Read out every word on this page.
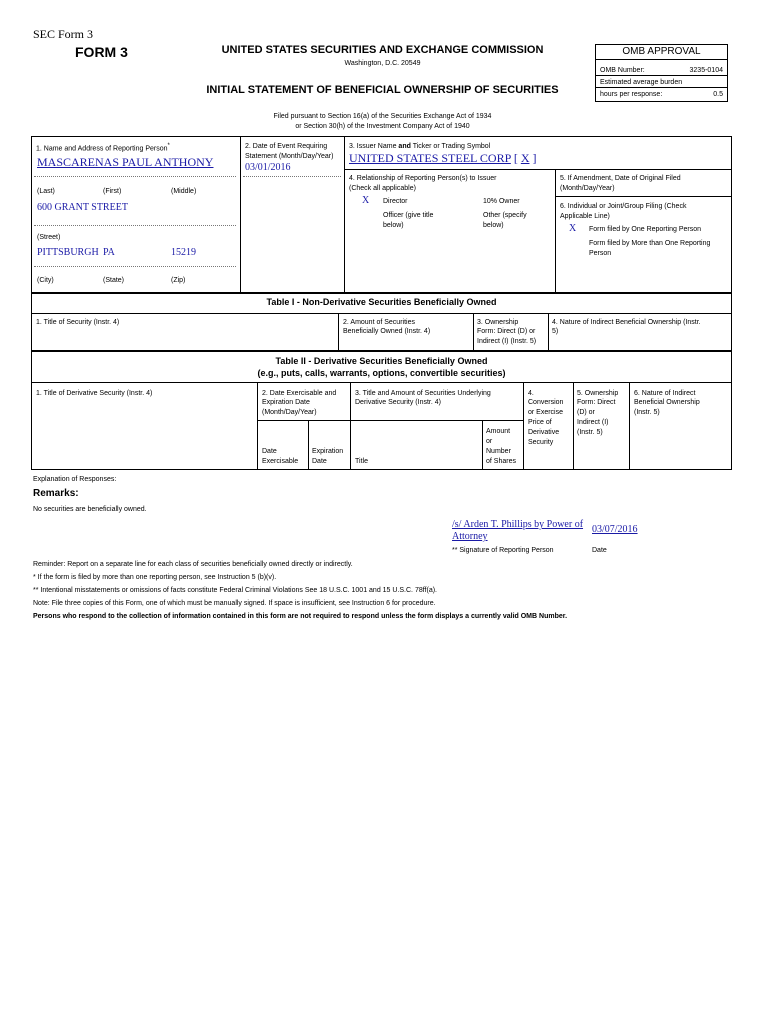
SEC Form 3
FORM 3	UNITED STATES SECURITIES AND EXCHANGE COMMISSION
Washington, D.C. 20549
INITIAL STATEMENT OF BENEFICIAL OWNERSHIP OF SECURITIES
OMB APPROVAL
OMB Number:	3235-0104
Estimated average burden
hours per response:	0.5
Filed pursuant to Section 16(a) of the Securities Exchange Act of 1934
or Section 30(h) of the Investment Company Act of 1940
1. Name and Address of Reporting Person*
MASCARENAS PAUL ANTHONY
(Last)	(First)	(Middle)
600 GRANT STREET
(Street)
PITTSBURGH PA	15219
(City)	(State)	(Zip)
2. Date of Event Requiring
Statement (Month/Day/Year)
03/01/2016
3. Issuer Name and Ticker or Trading Symbol
UNITED STATES STEEL CORP [ X ]
4. Relationship of Reporting Person(s) to Issuer
(Check all applicable)
X Director	10% Owner
Officer (give title
below)
Other (specify
below)
5. If Amendment, Date of Original Filed
(Month/Day/Year)
6. Individual or Joint/Group Filing (Check
Applicable Line)
X Form filed by One Reporting Person
Form filed by More than One Reporting
Person
Table I - Non-Derivative Securities Beneficially Owned
1. Title of Security (Instr. 4)	2. Amount of Securities
Beneficially Owned (Instr. 4)
3. Ownership
Form: Direct (D) or
Indirect (I) (Instr. 5)
4. Nature of Indirect Beneficial Ownership (Instr.
5)
Table II - Derivative Securities Beneficially Owned
(e.g., puts, calls, warrants, options, convertible securities)
1. Title of Derivative Security (Instr. 4)	2. Date Exercisable and
Expiration Date
(Month/Day/Year)
3. Title and Amount of Securities Underlying
Derivative Security (Instr. 4)
4.
Conversion
or Exercise
Price of
Derivative
Security
5. Ownership
Form: Direct
(D) or
Indirect (I)
(Instr. 5)
6. Nature of Indirect
Beneficial Ownership
(Instr. 5)
Date
Exercisable
Expiration
Date	Title
Amount
or
Number
of Shares
Explanation of Responses:
Remarks:
No securities are beneficially owned.
/s/ Arden T. Phillips by Power of
Attorney
03/07/2016
** Signature of Reporting Person	Date
Reminder: Report on a separate line for each class of securities beneficially owned directly or indirectly.
* If the form is filed by more than one reporting person, see Instruction 5 (b)(v).
** Intentional misstatements or omissions of facts constitute Federal Criminal Violations See 18 U.S.C. 1001 and 15 U.S.C. 78ff(a).
Note: File three copies of this Form, one of which must be manually signed. If space is insufficient, see Instruction 6 for procedure.
Persons who respond to the collection of information contained in this form are not required to respond unless the form displays a currently valid OMB Number.
